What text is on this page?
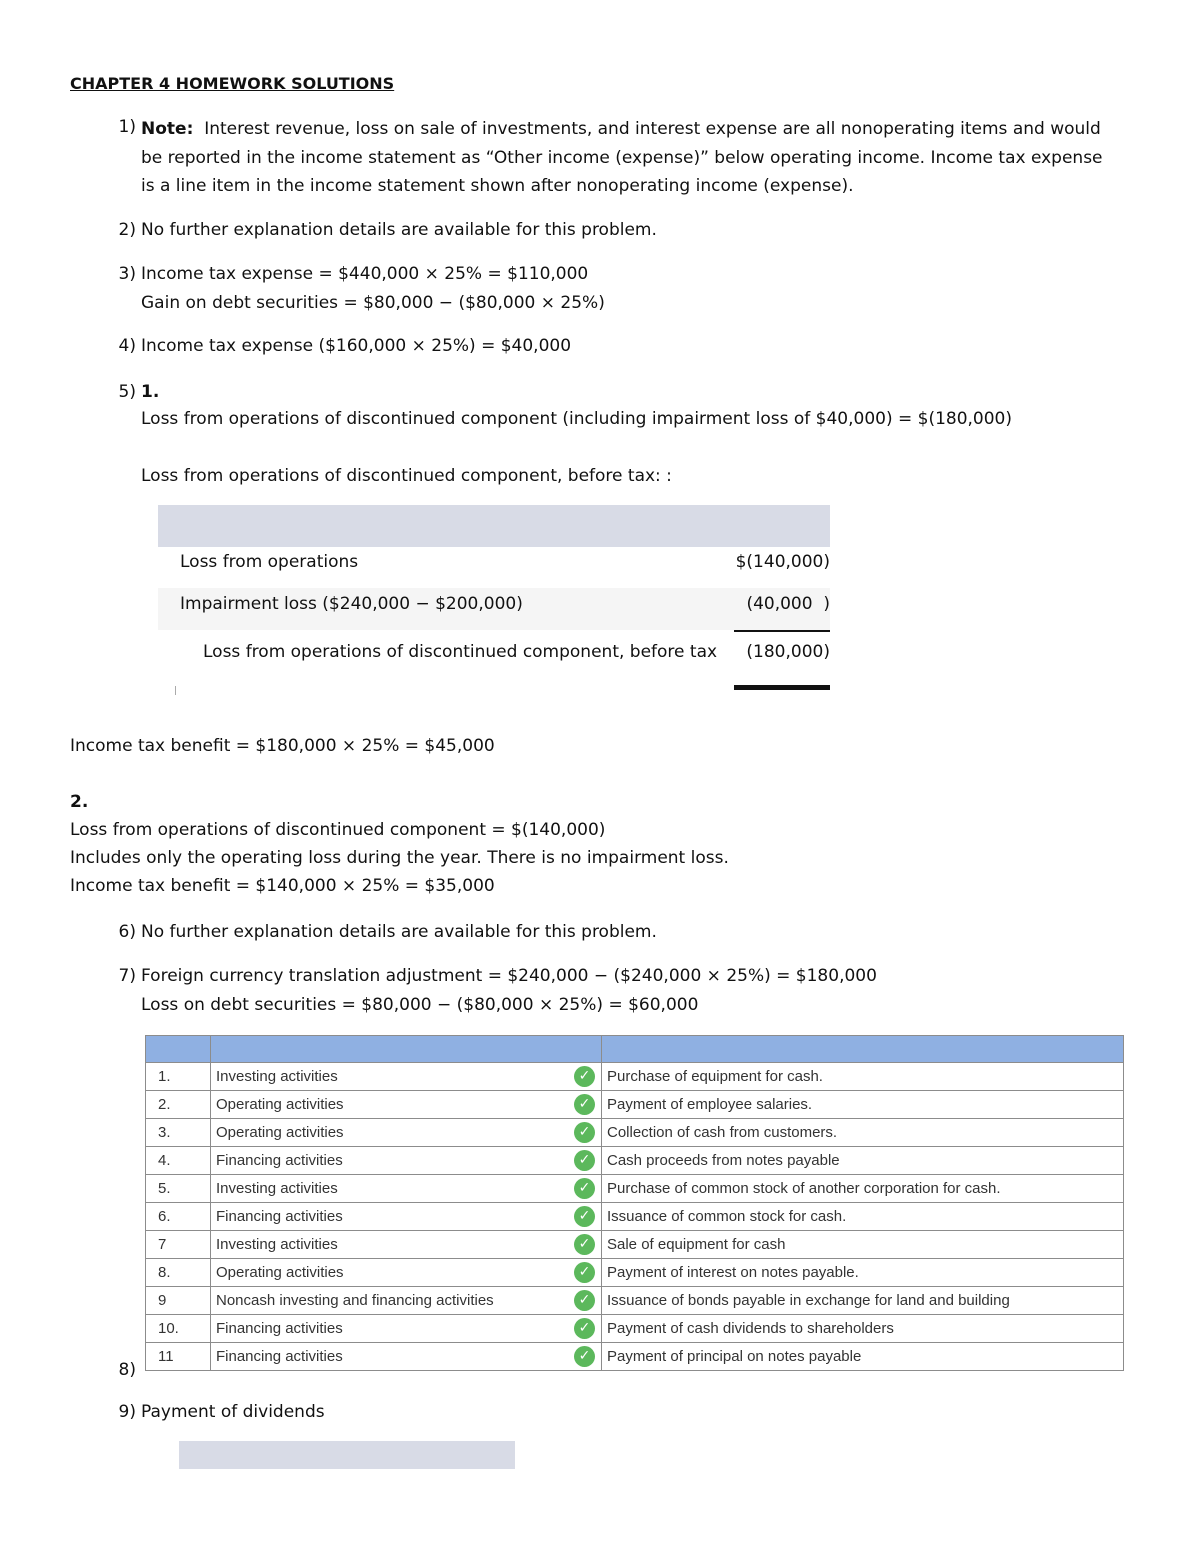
CHAPTER 4 HOMEWORK SOLUTIONS
1) Note: Interest revenue, loss on sale of investments, and interest expense are all nonoperating items and would
be reported in the income statement as “Other income (expense)” below operating income. Income tax expense
is a line item in the income statement shown after nonoperating income (expense).
2) No further explanation details are available for this problem.
3) Income tax expense = $440,000 × 25% = $110,000
Gain on debt securities = $80,000 − ($80,000 × 25%)
4) Income tax expense ($160,000 × 25%) = $40,000
5) 1.
Loss from operations of discontinued component (including impairment loss of $40,000) = $(180,000)
Loss from operations of discontinued component, before tax: :
Loss from operations	$(140,000)
Impairment loss ($240,000 − $200,000)	(40,000  )
Loss from operations of discontinued component, before tax	(180,000)
Income tax benefit = $180,000 × 25% = $45,000
2.
Loss from operations of discontinued component = $(140,000)
Includes only the operating loss during the year. There is no impairment loss.
Income tax benefit = $140,000 × 25% = $35,000
6) No further explanation details are available for this problem.
7) Foreign currency translation adjustment = $240,000 − ($240,000 × 25%) = $180,000
Loss on debt securities = $80,000 − ($80,000 × 25%) = $60,000

1.	Investing activities ✓	Purchase of equipment for cash.
2.	Operating activities ✓	Payment of employee salaries.
3.	Operating activities ✓	Collection of cash from customers.
4.	Financing activities ✓	Cash proceeds from notes payable
5.	Investing activities ✓	Purchase of common stock of another corporation for cash.
6.	Financing activities ✓	Issuance of common stock for cash.
7	Investing activities ✓	Sale of equipment for cash
8.	Operating activities ✓	Payment of interest on notes payable.
9	Noncash investing and financing activities ✓	Issuance of bonds payable in exchange for land and building
10.	Financing activities ✓	Payment of cash dividends to shareholders
11	Financing activities ✓	Payment of principal on notes payable
8)
9) Payment of dividends
